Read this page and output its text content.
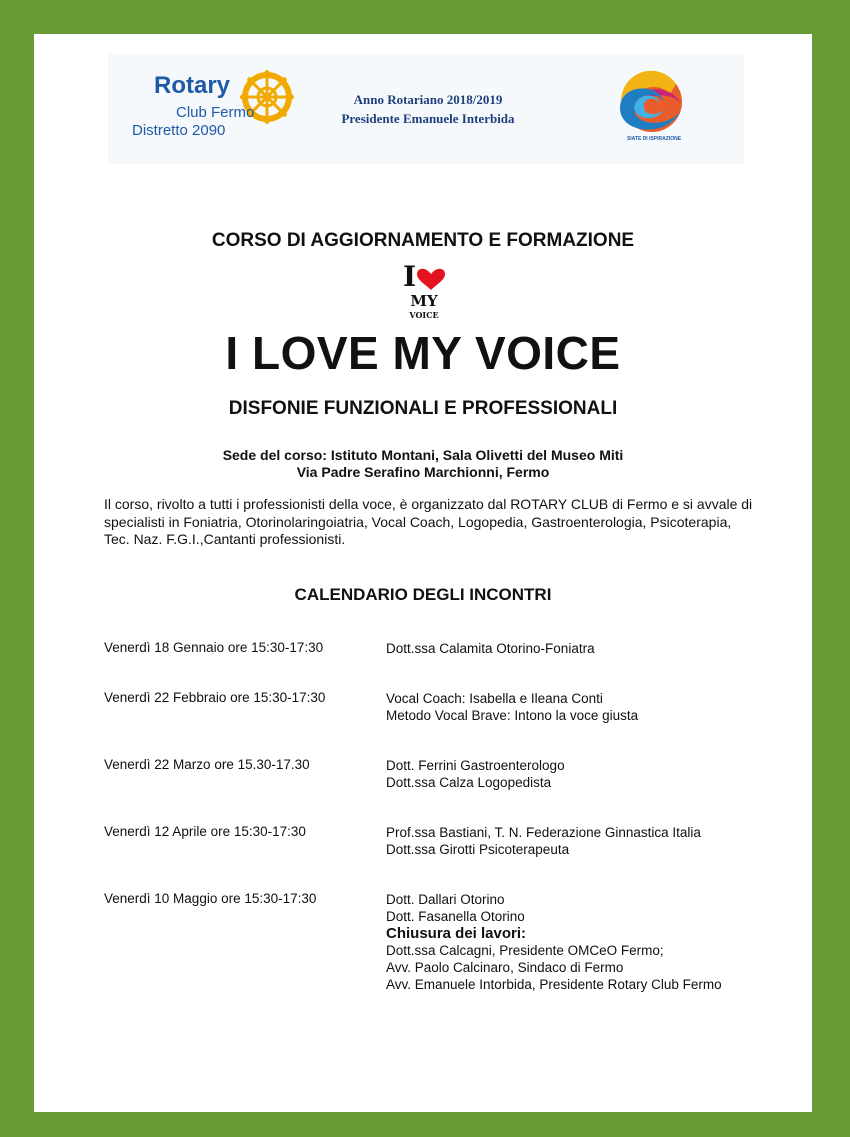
Rotary
Club Fermo
Distretto 2090
Anno Rotariano 2018/2019
Presidente Emanuele Interbida
SIATE DI ISPIRAZIONE
CORSO DI AGGIORNAMENTO E FORMAZIONE
I
MY
VOICE
I LOVE MY VOICE
DISFONIE FUNZIONALI E PROFESSIONALI
Sede del corso: Istituto Montani, Sala Olivetti del Museo Miti
Via Padre Serafino Marchionni, Fermo
Il corso, rivolto a tutti i professionisti della voce, è organizzato dal ROTARY CLUB di Fermo e si avvale di specialisti in Foniatria, Otorinolaringoiatria, Vocal Coach, Logopedia, Gastroenterologia, Psicoterapia, Tec. Naz. F.G.I.,Cantanti professionisti.
CALENDARIO DEGLI INCONTRI
Venerdì 18 Gennaio ore 15:30-17:30	Dott.ssa Calamita Otorino-Foniatra
Venerdì 22 Febbraio ore 15:30-17:30	Vocal Coach: Isabella e Ileana Conti
Metodo Vocal Brave: Intono la voce giusta
Venerdì 22 Marzo ore 15.30-17.30	Dott. Ferrini Gastroenterologo
Dott.ssa Calza Logopedista
Venerdì 12 Aprile ore 15:30-17:30	Prof.ssa Bastiani, T. N. Federazione Ginnastica Italia
Dott.ssa Girotti Psicoterapeuta
Venerdì 10 Maggio ore 15:30-17:30	Dott. Dallari Otorino
Dott. Fasanella Otorino
Chiusura dei lavori:
Dott.ssa Calcagni, Presidente OMCeO Fermo;
Avv. Paolo Calcinaro, Sindaco di Fermo
Avv. Emanuele Intorbida, Presidente Rotary Club Fermo
